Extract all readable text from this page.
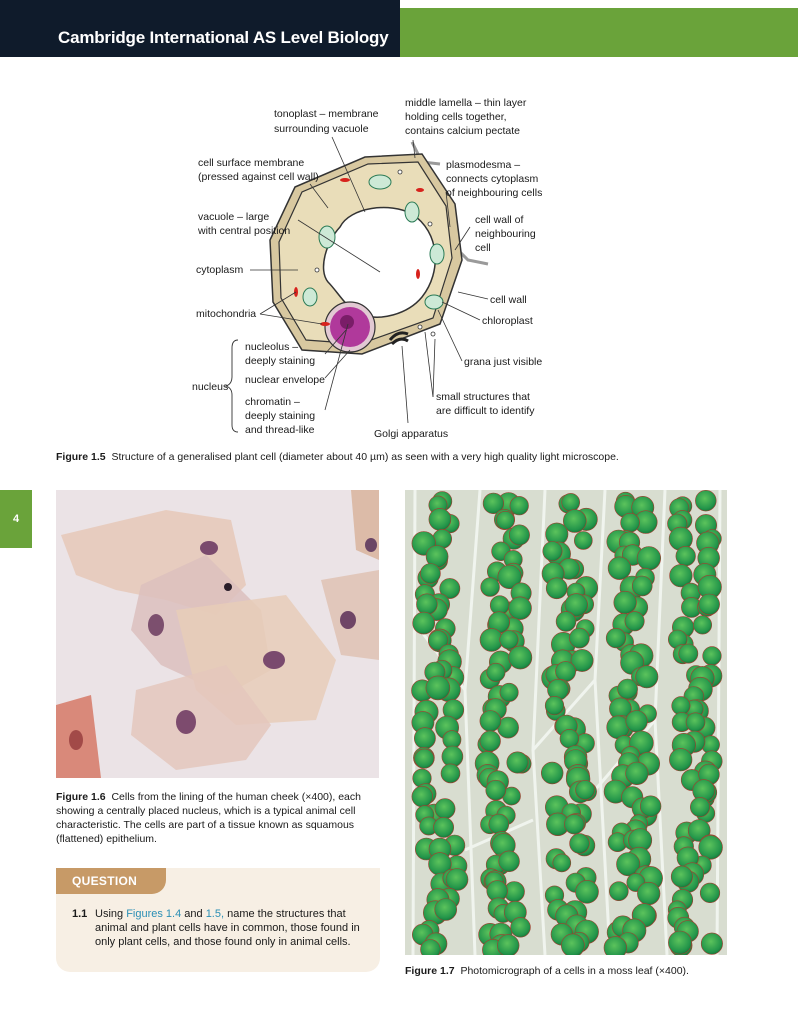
Cambridge International AS Level Biology
4
tonoplast – membrane
surrounding vacuole
middle lamella – thin layer
holding cells together,
contains calcium pectate
cell surface membrane
(pressed against cell wall)
plasmodesma –
connects cytoplasm
of neighbouring cells
vacuole – large
with central position
cell wall of
neighbouring
cell
cytoplasm
cell wall
mitochondria
chloroplast
nucleolus –
deeply staining	grana just visible
nuclear envelope
nucleus
small structures that
are difficult to identify
chromatin –
deeply staining
and thread-like	Golgi apparatus
Figure 1.5 Structure of a generalised plant cell (diameter about 40 µm) as seen with a very high quality light microscope.
Figure 1.6 Cells from the lining of the human cheek (×400), each showing a centrally placed nucleus, which is a typical animal cell characteristic. The cells are part of a tissue known as squamous (flattened) epithelium.
QUESTION
1.1 Using Figures 1.4 and 1.5, name the structures that animal and plant cells have in common, those found in only plant cells, and those found only in animal cells.
Figure 1.7 Photomicrograph of a cells in a moss leaf (×400).
